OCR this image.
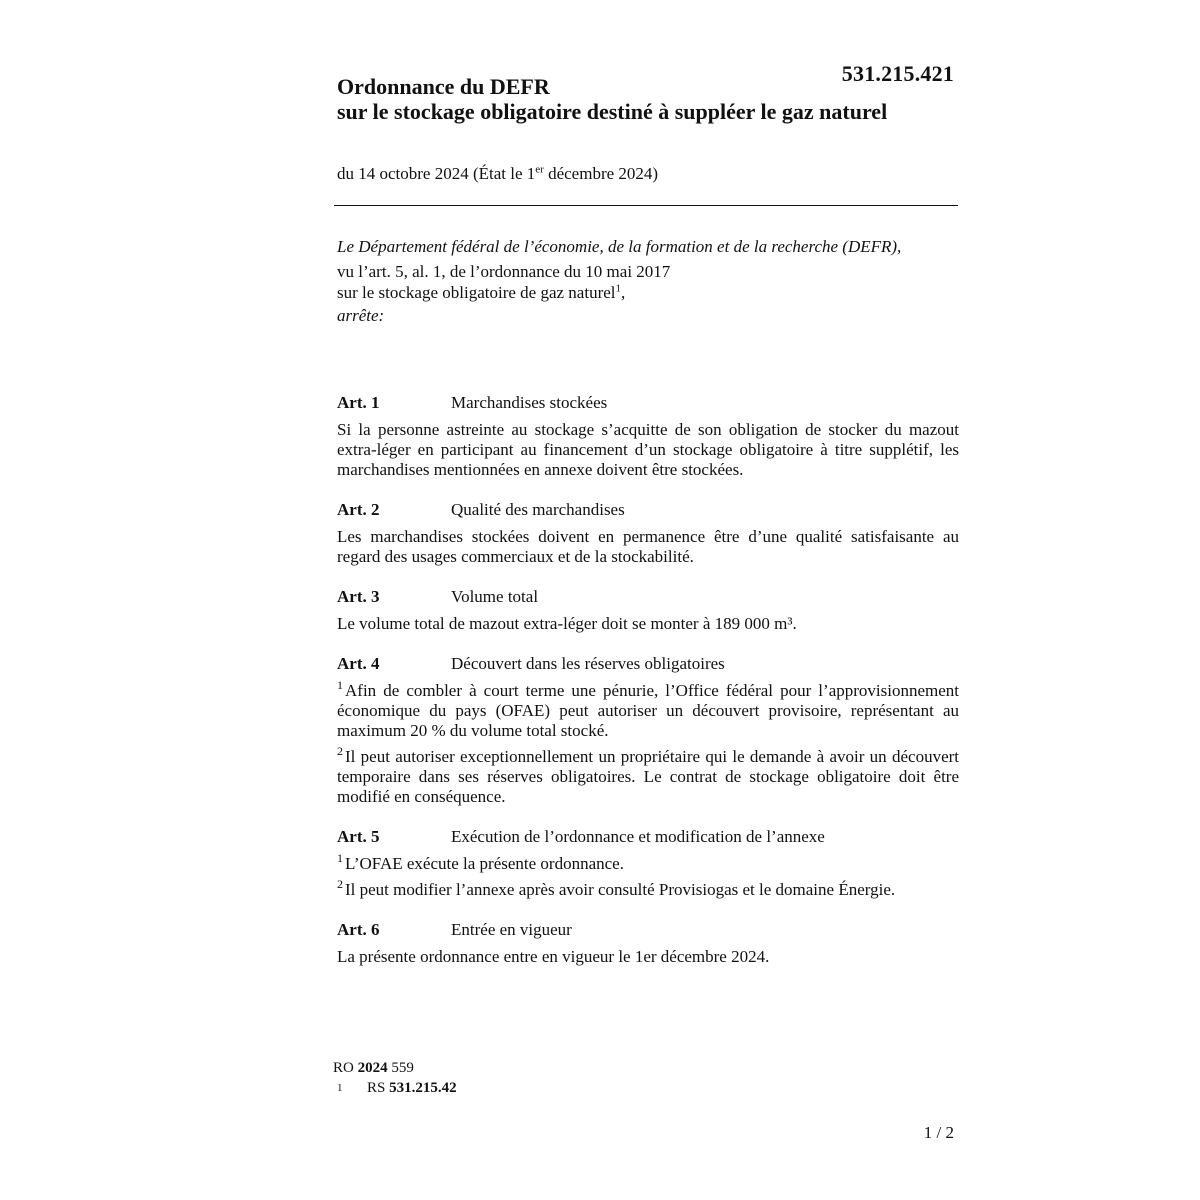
531.215.421
Ordonnance du DEFR
sur le stockage obligatoire destiné à suppléer le gaz naturel
du 14 octobre 2024 (État le 1er décembre 2024)
Le Département fédéral de l’économie, de la formation et de la recherche (DEFR),
vu l’art. 5, al. 1, de l’ordonnance du 10 mai 2017
sur le stockage obligatoire de gaz naturel$^1$,
arrête:
Art. 1	Marchandises stockées

Si la personne astreinte au stockage s’acquitte de son obligation de stocker du mazout extra-léger en participant au financement d’un stockage obligatoire à titre supplétif, les marchandises mentionnées en annexe doivent être stockées.

Art. 2	Qualité des marchandises

Les marchandises stockées doivent en permanence être d’une qualité satisfaisante au regard des usages commerciaux et de la stockabilité.

Art. 3	Volume total

Le volume total de mazout extra-léger doit se monter à 189 000 m³.

Art. 4	Découvert dans les réserves obligatoires

$^1$ Afin de combler à court terme une pénurie, l’Office fédéral pour l’approvisionnement économique du pays (OFAE) peut autoriser un découvert provisoire, représentant au maximum 20 % du volume total stocké.

$^2$ Il peut autoriser exceptionnellement un propriétaire qui le demande à avoir un découvert temporaire dans ses réserves obligatoires. Le contrat de stockage obligatoire doit être modifié en conséquence.

Art. 5	Exécution de l’ordonnance et modification de l’annexe

$^1$ L’OFAE exécute la présente ordonnance.

$^2$ Il peut modifier l’annexe après avoir consulté Provisiogas et le domaine Énergie.

Art. 6	Entrée en vigueur

La présente ordonnance entre en vigueur le 1er décembre 2024.

RO 2024 559
1 RS 531.215.42
1 / 2
